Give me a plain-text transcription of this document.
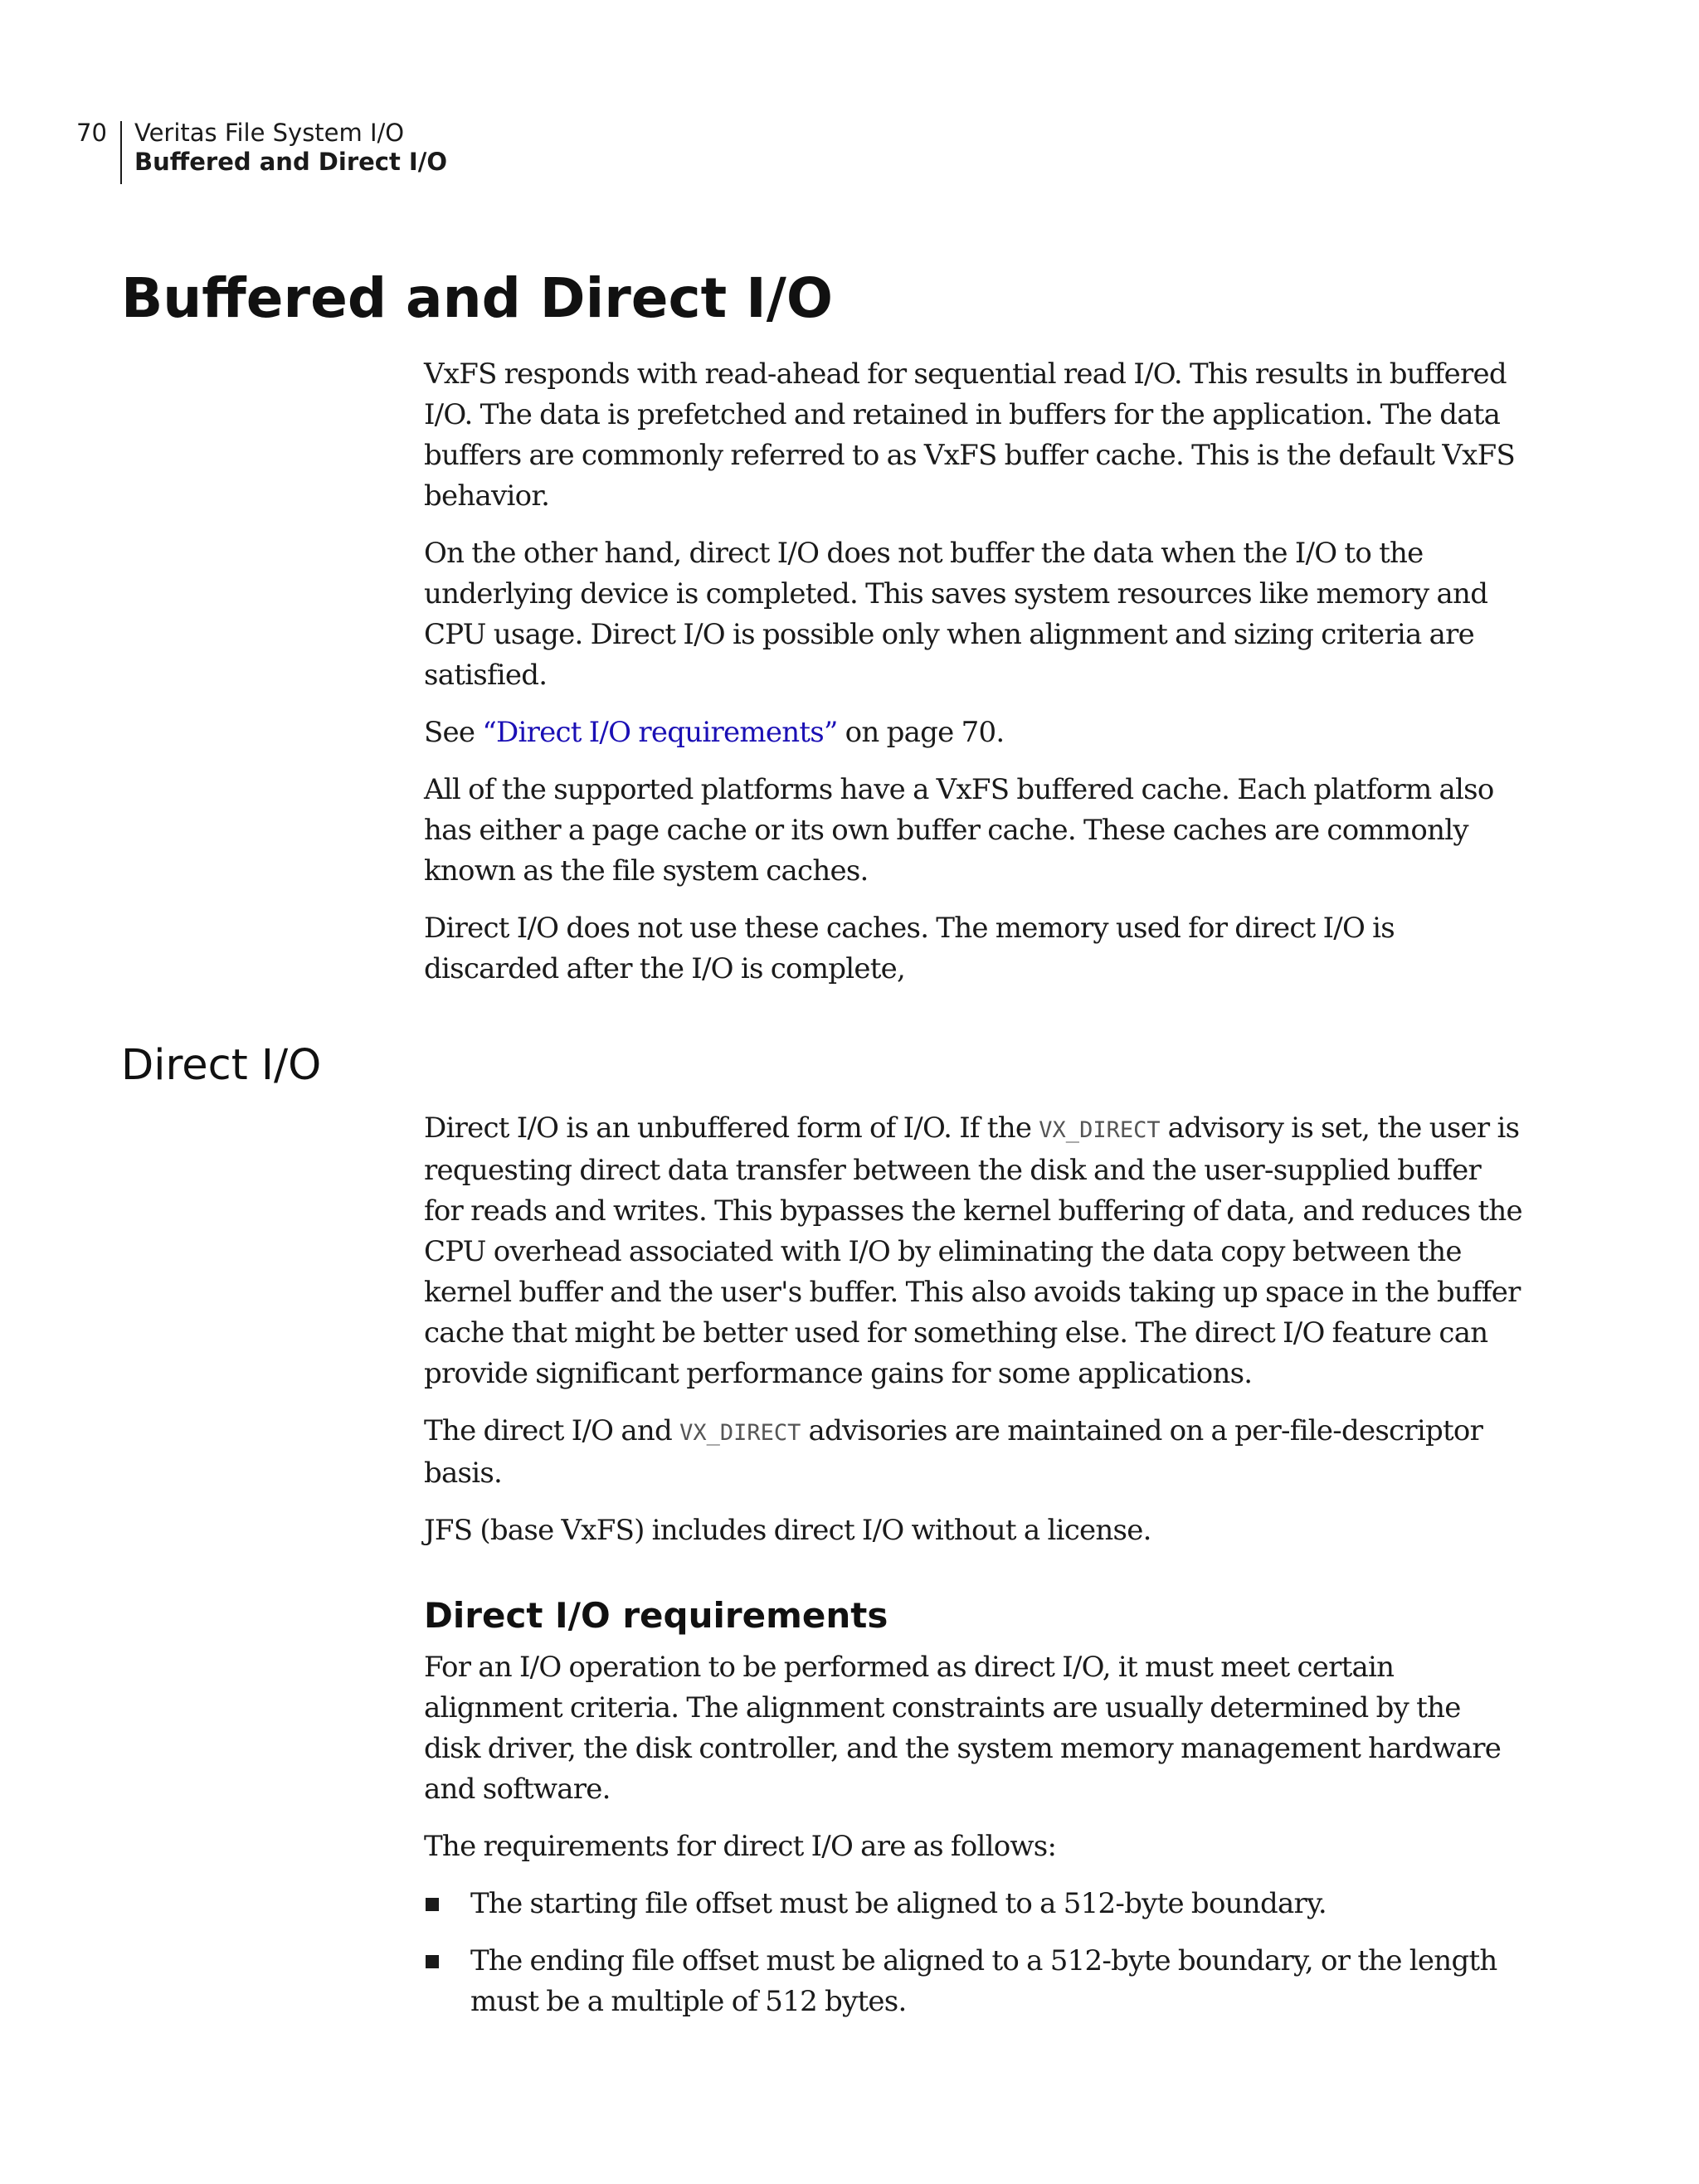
70 Veritas File System I/O
Buffered and Direct I/O
Buffered and Direct I/O

VxFS responds with read-ahead for sequential read I/O. This results in buffered I/O. The data is prefetched and retained in buffers for the application. The data buffers are commonly referred to as VxFS buffer cache. This is the default VxFS behavior.

On the other hand, direct I/O does not buffer the data when the I/O to the underlying device is completed. This saves system resources like memory and CPU usage. Direct I/O is possible only when alignment and sizing criteria are satisfied.

See “Direct I/O requirements” on page 70.

All of the supported platforms have a VxFS buffered cache. Each platform also has either a page cache or its own buffer cache. These caches are commonly known as the file system caches.

Direct I/O does not use these caches. The memory used for direct I/O is discarded after the I/O is complete,

Direct I/O

Direct I/O is an unbuffered form of I/O. If the VX_DIRECT advisory is set, the user is requesting direct data transfer between the disk and the user-supplied buffer for reads and writes. This bypasses the kernel buffering of data, and reduces the CPU overhead associated with I/O by eliminating the data copy between the kernel buffer and the user's buffer. This also avoids taking up space in the buffer cache that might be better used for something else. The direct I/O feature can provide significant performance gains for some applications.

The direct I/O and VX_DIRECT advisories are maintained on a per-file-descriptor basis.

JFS (base VxFS) includes direct I/O without a license.

Direct I/O requirements

For an I/O operation to be performed as direct I/O, it must meet certain alignment criteria. The alignment constraints are usually determined by the disk driver, the disk controller, and the system memory management hardware and software.

The requirements for direct I/O are as follows:

The starting file offset must be aligned to a 512-byte boundary.
The ending file offset must be aligned to a 512-byte boundary, or the length must be a multiple of 512 bytes.
